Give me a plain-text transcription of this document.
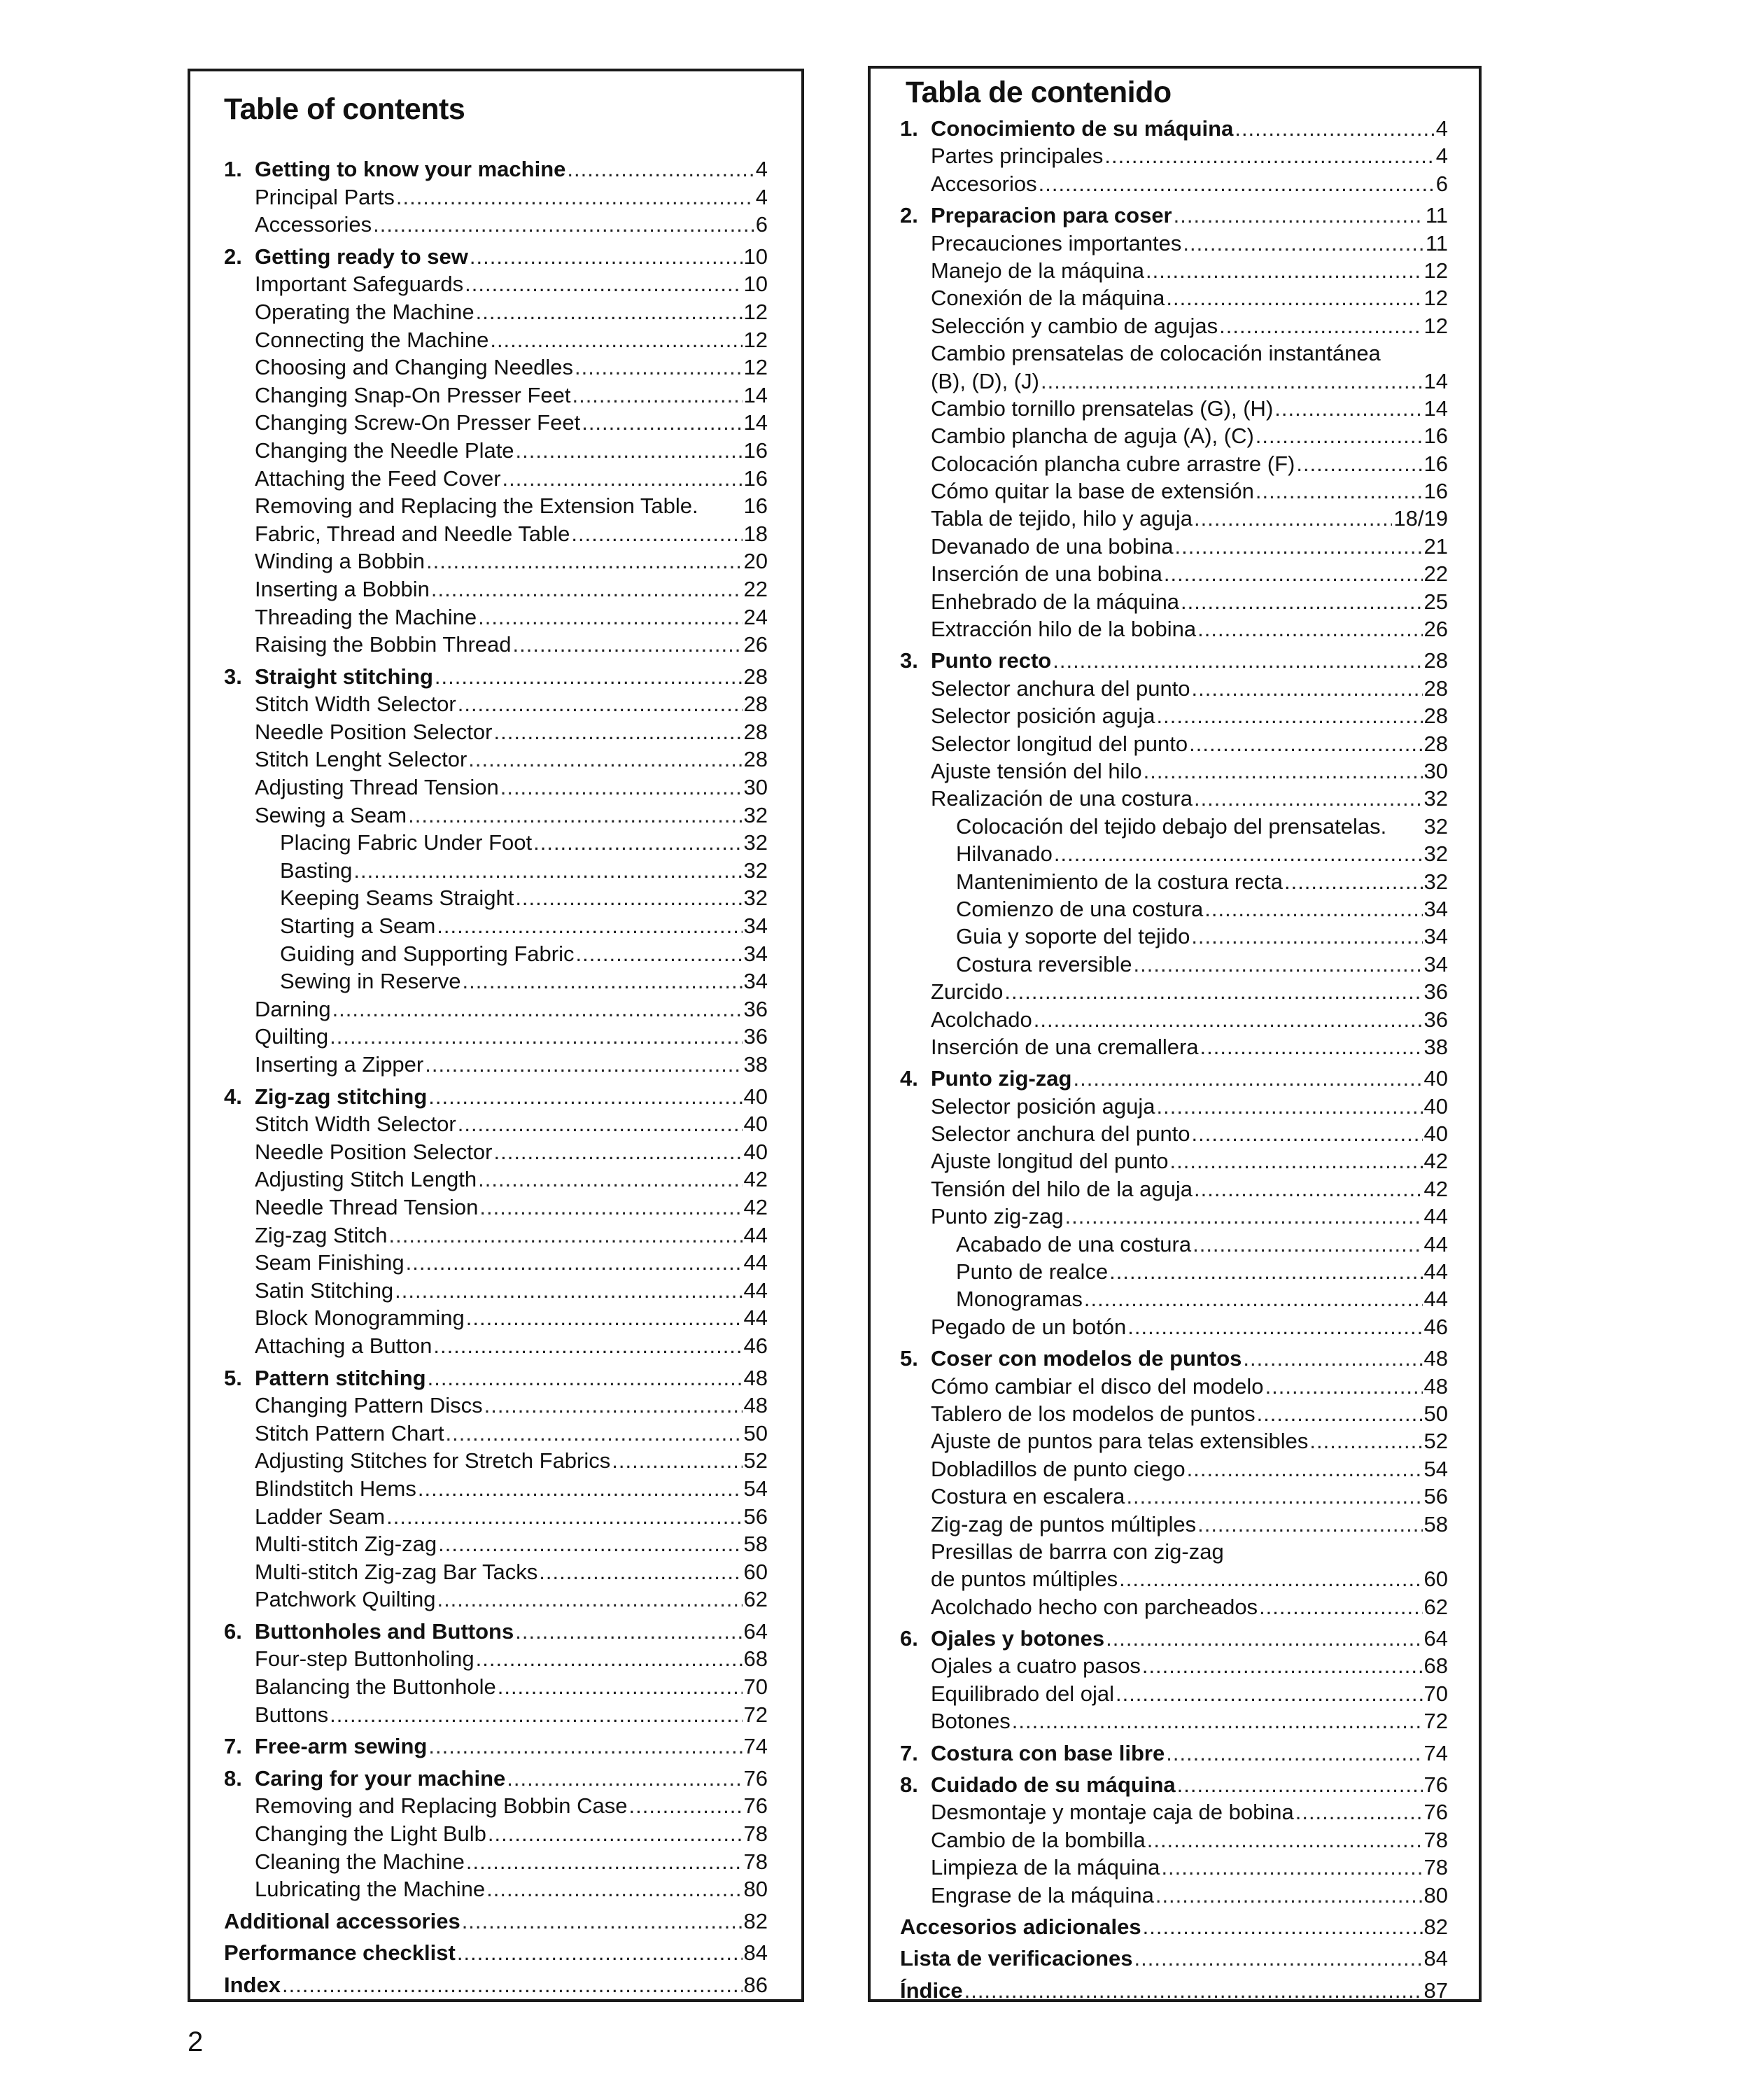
Table of contents
1. Getting to know your machine .....	4
Principal Parts .....	4
Accessories .....	6
2. Getting ready to sew .....	10
Important Safeguards .....	10
Operating the Machine .....	12
Connecting the Machine .....	12
Choosing and Changing Needles .....	12
Changing Snap-On Presser Feet .....	14
Changing Screw-On Presser Feet .....	14
Changing the Needle Plate .....	16
Attaching the Feed Cover .....	16
Removing and Replacing the Extension Table. 16
Fabric, Thread and Needle Table .....	18
Winding a Bobbin .....	20
Inserting a Bobbin .....	22
Threading the Machine .....	24
Raising the Bobbin Thread .....	26
3. Straight stitching .....	28
Stitch Width Selector .....	28
Needle Position Selector .....	28
Stitch Lenght Selector .....	28
Adjusting Thread Tension .....	30
Sewing a Seam .....	32
Placing Fabric Under Foot .....	32
Basting .....	32
Keeping Seams Straight .....	32
Starting a Seam .....	34
Guiding and Supporting Fabric .....	34
Sewing in Reserve .....	34
Darning .....	36
Quilting .....	36
Inserting a Zipper .....	38
4. Zig-zag stitching .....	40
Stitch Width Selector .....	40
Needle Position Selector .....	40
Adjusting Stitch Length .....	42
Needle Thread Tension .....	42
Zig-zag Stitch .....	44
Seam Finishing .....	44
Satin Stitching .....	44
Block Monogramming .....	44
Attaching a Button .....	46
5. Pattern stitching .....	48
Changing Pattern Discs .....	48
Stitch Pattern Chart .....	50
Adjusting Stitches for Stretch Fabrics .....	52
Blindstitch Hems .....	54
Ladder Seam .....	56
Multi-stitch Zig-zag .....	58
Multi-stitch Zig-zag Bar Tacks .....	60
Patchwork Quilting .....	62
6. Buttonholes and Buttons .....	64
Four-step Buttonholing .....	68
Balancing the Buttonhole .....	70
Buttons .....	72
7. Free-arm sewing .....	74
8. Caring for your machine .....	76
Removing and Replacing Bobbin Case .....	76
Changing the Light Bulb .....	78
Cleaning the Machine .....	78
Lubricating the Machine .....	80
Additional accessories .....	82
Performance checklist .....	84
Index .....	86
Tabla de contenido
1. Conocimiento de su máquina .....	4
Partes principales .....	4
Accesorios .....	6
2. Preparacion para coser .....	11
Precauciones importantes .....	11
Manejo de la máquina .....	12
Conexión de la máquina .....	12
Selección y cambio de agujas .....	12
Cambio prensatelas de colocación instantánea
(B), (D), (J) .....	14
Cambio tornillo prensatelas (G), (H) .....	14
Cambio plancha de aguja (A), (C) .....	16
Colocación plancha cubre arrastre (F) .....	16
Cómo quitar la base de extensión .....	16
Tabla de tejido, hilo y aguja .....	18/19
Devanado de una bobina .....	21
Inserción de una bobina .....	22
Enhebrado de la máquina .....	25
Extracción hilo de la bobina .....	26
3. Punto recto .....	28
Selector anchura del punto .....	28
Selector posición aguja .....	28
Selector longitud del punto .....	28
Ajuste tensión del hilo .....	30
Realización de una costura .....	32
Colocación del tejido debajo del prensatelas. 32
Hilvanado .....	32
Mantenimiento de la costura recta .....	32
Comienzo de una costura .....	34
Guia y soporte del tejido .....	34
Costura reversible .....	34
Zurcido .....	36
Acolchado .....	36
Inserción de una cremallera .....	38
4. Punto zig-zag .....	40
Selector posición aguja .....	40
Selector anchura del punto .....	40
Ajuste longitud del punto .....	42
Tensión del hilo de la aguja .....	42
Punto zig-zag .....	44
Acabado de una costura .....	44
Punto de realce .....	44
Monogramas .....	44
Pegado de un botón .....	46
5. Coser con modelos de puntos .....	48
Cómo cambiar el disco del modelo .....	48
Tablero de los modelos de puntos .....	50
Ajuste de puntos para telas extensibles .....	52
Dobladillos de punto ciego .....	54
Costura en escalera .....	56
Zig-zag de puntos múltiples .....	58
Presillas de barrra con zig-zag
de puntos múltiples .....	60
Acolchado hecho con parcheados .....	62
6. Ojales y botones .....	64
Ojales a cuatro pasos .....	68
Equilibrado del ojal .....	70
Botones .....	72
7. Costura con base libre .....	74
8. Cuidado de su máquina .....	76
Desmontaje y montaje caja de bobina .....	76
Cambio de la bombilla .....	78
Limpieza de la máquina .....	78
Engrase de la máquina .....	80
Accesorios adicionales .....	82
Lista de verificaciones .....	84
Índice .....	87
2
